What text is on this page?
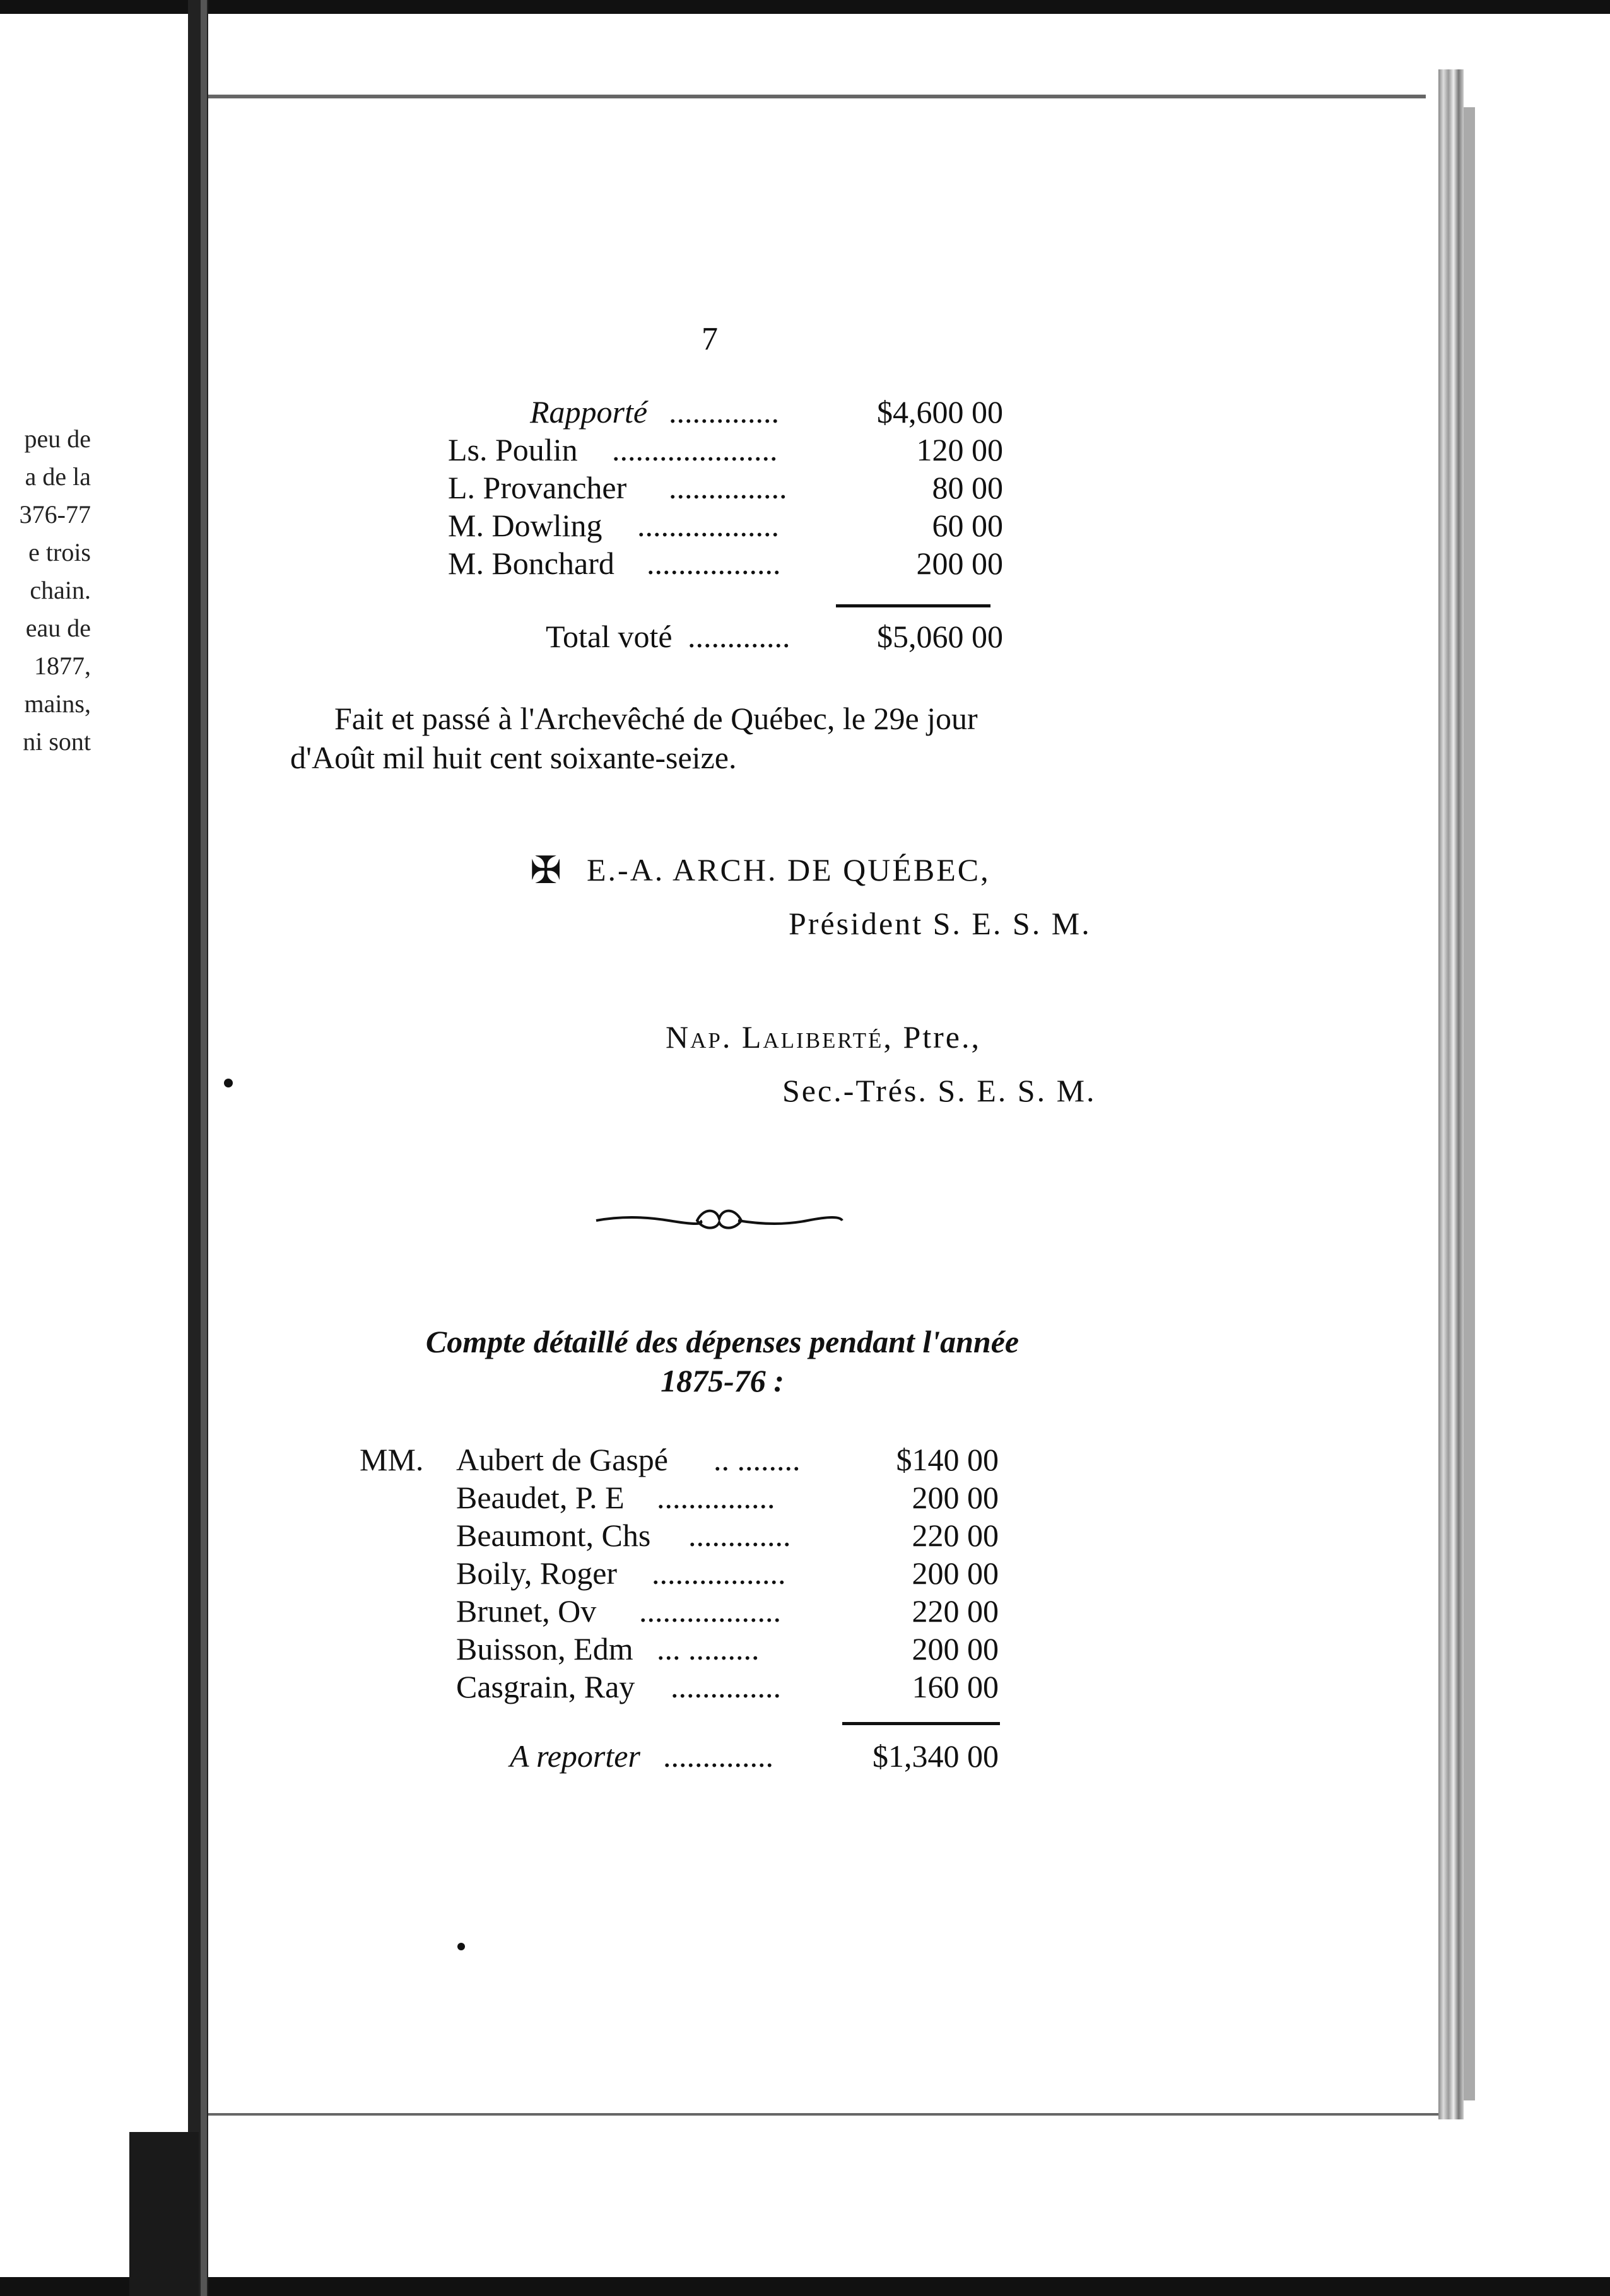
peu de
a de la
376-77
e trois
chain.
eau de
1877,
mains,
ni sont
7
Rapporté ..............	$4,600 00
Ls. Poulin .....................	120 00
L. Provancher ...............	80 00
M. Dowling ..................	60 00
M. Bonchard .................	200 00
Total voté .............	$5,060 00
Fait et passé à l'Archevêché de Québec, le 29e jour
d'Août mil huit cent soixante-seize.
✠ E.-A. ARCH. DE QUÉBEC,
Président S. E. S. M.
Nap. Laliberté, Ptre.,
Sec.-Trés. S. E. S. M.
Compte détaillé des dépenses pendant l'année
1875-76 :
MM. Aubert de Gaspé .. ........	$140 00
Beaudet, P. E ...............	200 00
Beaumont, Chs .............	220 00
Boily, Roger .................	200 00
Brunet, Ov ..................	220 00
Buisson, Edm ... .........	200 00
Casgrain, Ray ..............	160 00
A reporter ..............	$1,340 00
